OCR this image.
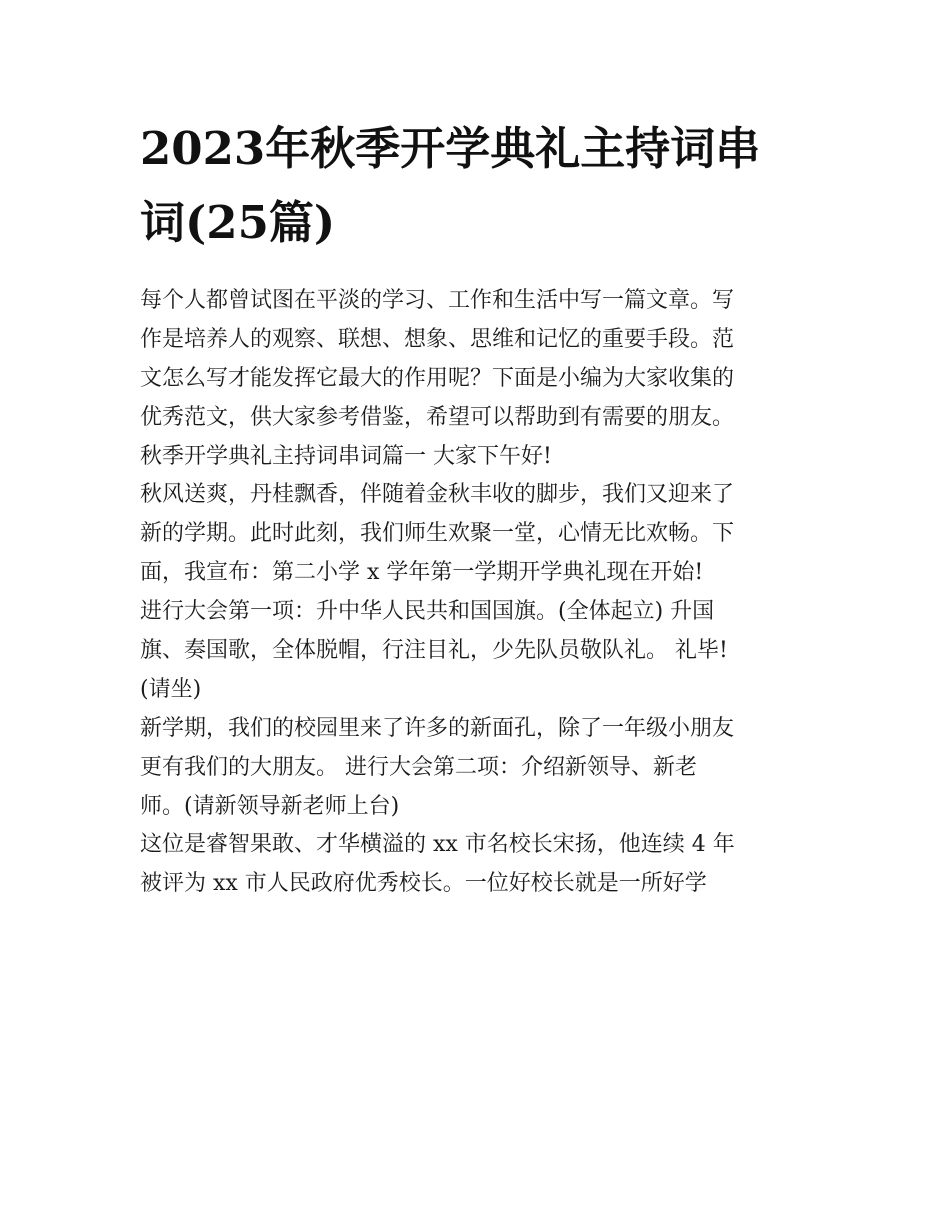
2023年秋季开学典礼主持词串
词(25篇)
每个人都曾试图在平淡的学习、工作和生活中写一篇文章。写
作是培养人的观察、联想、想象、思维和记忆的重要手段。范
文怎么写才能发挥它最大的作用呢？下面是小编为大家收集的
优秀范文，供大家参考借鉴，希望可以帮助到有需要的朋友。
秋季开学典礼主持词串词篇一 大家下午好!
秋风送爽，丹桂飘香，伴随着金秋丰收的脚步，我们又迎来了
新的学期。此时此刻，我们师生欢聚一堂，心情无比欢畅。下
面，我宣布：第二小学 x 学年第一学期开学典礼现在开始!
进行大会第一项：升中华人民共和国国旗。(全体起立) 升国
旗、奏国歌，全体脱帽，行注目礼，少先队员敬队礼。 礼毕!
(请坐)
新学期，我们的校园里来了许多的新面孔，除了一年级小朋友
更有我们的大朋友。 进行大会第二项：介绍新领导、新老
师。(请新领导新老师上台)
这位是睿智果敢、才华横溢的 xx 市名校长宋扬，他连续 4 年
被评为 xx 市人民政府优秀校长。一位好校长就是一所好学
